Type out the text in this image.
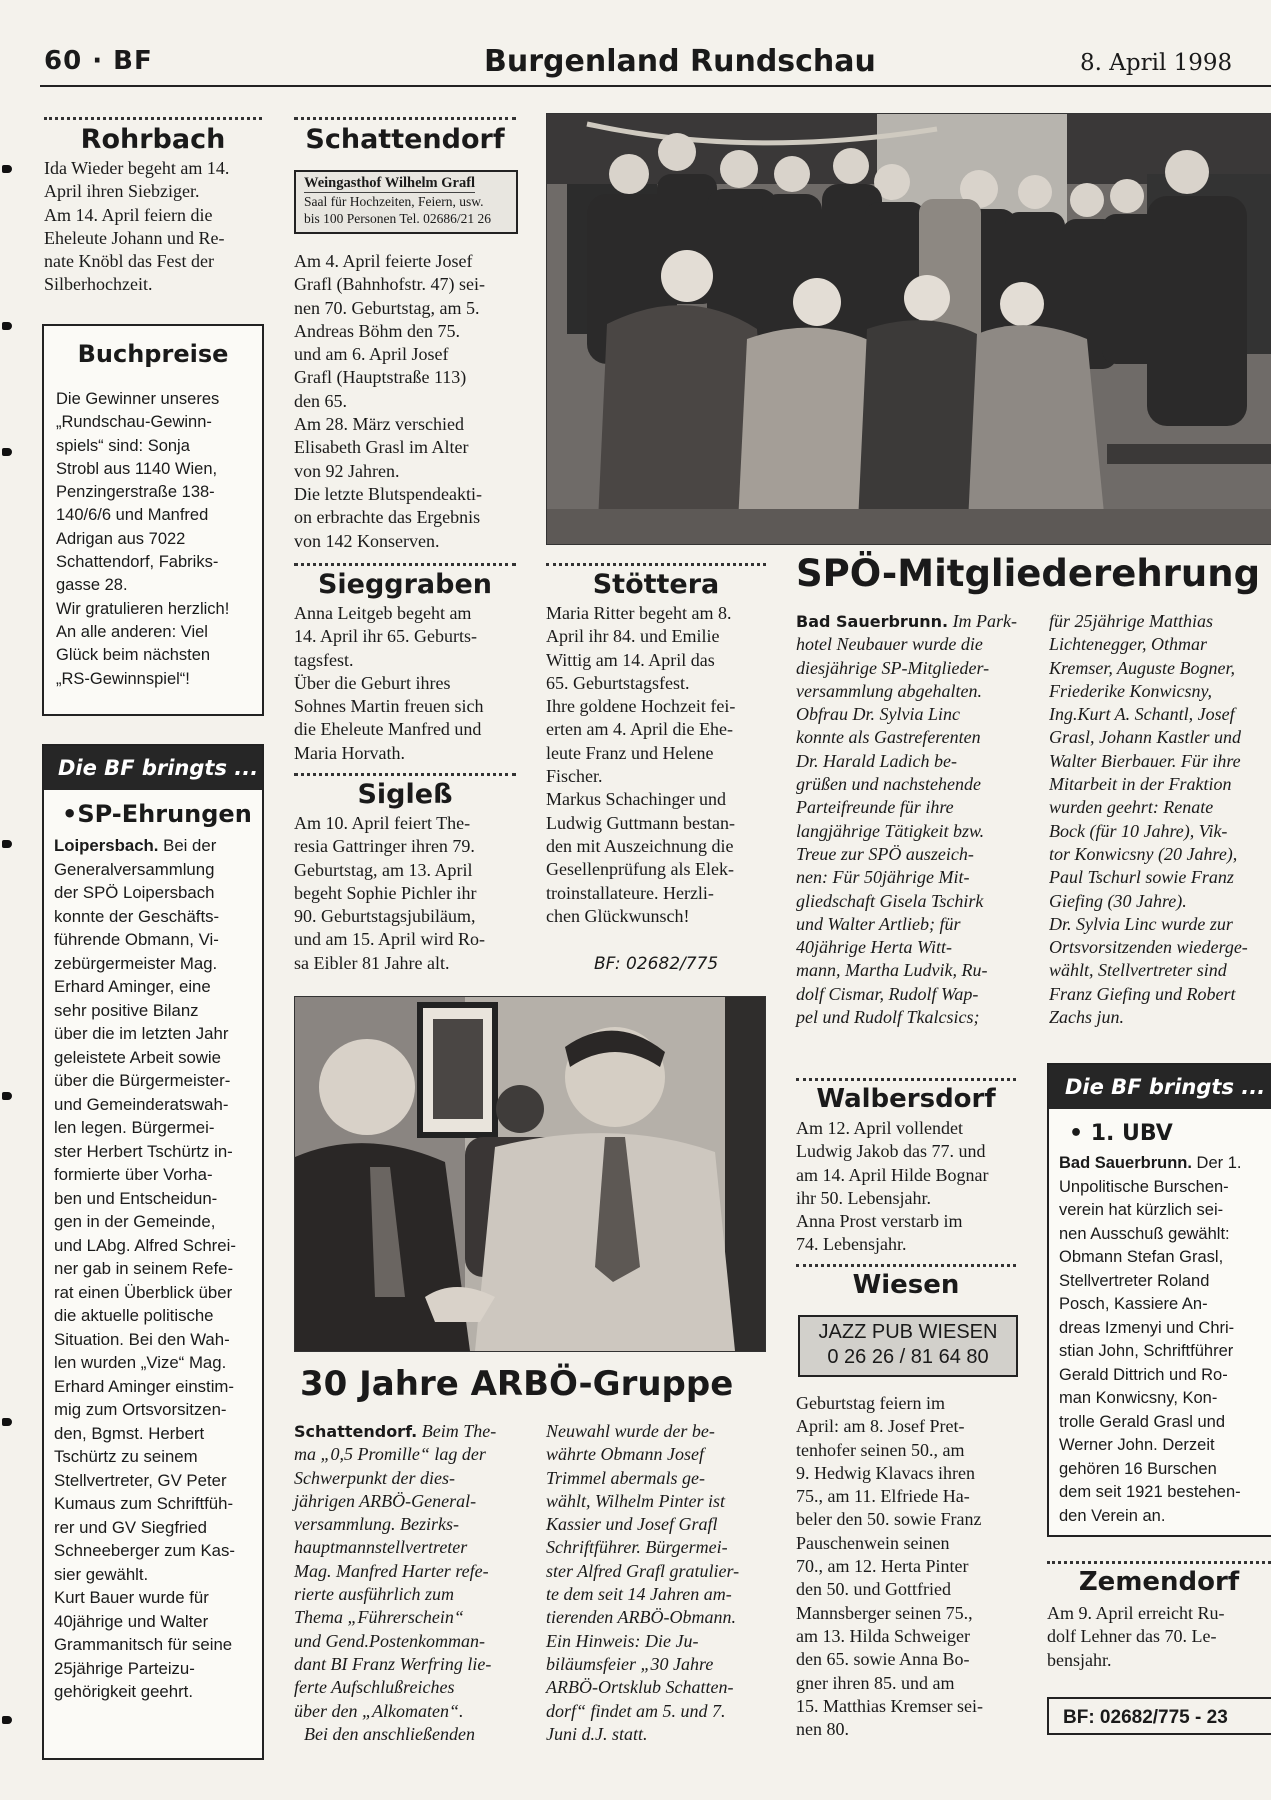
60 · BF	Burgenland Rundschau	8. April 1998
Rohrbach
Ida Wieder begeht am 14.
April ihren Siebziger.
Am 14. April feiern die
Eheleute Johann und Re-
nate Knöbl das Fest der
Silberhochzeit.
Buchpreise
Die Gewinner unseres
„Rundschau-Gewinn-
spiels“ sind: Sonja
Strobl aus 1140 Wien,
Penzingerstraße 138-
140/6/6 und Manfred
Adrigan aus 7022
Schattendorf, Fabriks-
gasse 28.
Wir gratulieren herzlich!
An alle anderen: Viel
Glück beim nächsten
„RS-Gewinnspiel“!
Die BF bringts ...
•SP-Ehrungen
Loipersbach. Bei der
Generalversammlung
der SPÖ Loipersbach
konnte der Geschäfts-
führende Obmann, Vi-
zebürgermeister Mag.
Erhard Aminger, eine
sehr positive Bilanz
über die im letzten Jahr
geleistete Arbeit sowie
über die Bürgermeister-
und Gemeinderatswah-
len legen. Bürgermei-
ster Herbert Tschürtz in-
formierte über Vorha-
ben und Entscheidun-
gen in der Gemeinde,
und LAbg. Alfred Schrei-
ner gab in seinem Refe-
rat einen Überblick über
die aktuelle politische
Situation. Bei den Wah-
len wurden „Vize“ Mag.
Erhard Aminger einstim-
mig zum Ortsvorsitzen-
den, Bgmst. Herbert
Tschürtz zu seinem
Stellvertreter, GV Peter
Kumaus zum Schriftfüh-
rer und GV Siegfried
Schneeberger zum Kas-
sier gewählt.
Kurt Bauer wurde für
40jährige und Walter
Grammanitsch für seine
25jährige Parteizu-
gehörigkeit geehrt.
Schattendorf
Weingasthof Wilhelm Grafl
Saal für Hochzeiten, Feiern, usw.
bis 100 Personen Tel. 02686/21 26
Am 4. April feierte Josef
Grafl (Bahnhofstr. 47) sei-
nen 70. Geburtstag, am 5.
Andreas Böhm den 75.
und am 6. April Josef
Grafl (Hauptstraße 113)
den 65.
Am 28. März verschied
Elisabeth Grasl im Alter
von 92 Jahren.
Die letzte Blutspendeakti-
on erbrachte das Ergebnis
von 142 Konserven.
Sieggraben
Anna Leitgeb begeht am
14. April ihr 65. Geburts-
tagsfest.
Über die Geburt ihres
Sohnes Martin freuen sich
die Eheleute Manfred und
Maria Horvath.
Sigleß
Am 10. April feiert The-
resia Gattringer ihren 79.
Geburtstag, am 13. April
begeht Sophie Pichler ihr
90. Geburtstagsjubiläum,
und am 15. April wird Ro-
sa Eibler 81 Jahre alt.
Stöttera
Maria Ritter begeht am 8.
April ihr 84. und Emilie
Wittig am 14. April das
65. Geburtstagsfest.
Ihre goldene Hochzeit fei-
erten am 4. April die Ehe-
leute Franz und Helene
Fischer.
Markus Schachinger und
Ludwig Guttmann bestan-
den mit Auszeichnung die
Gesellenprüfung als Elek-
troinstallateure. Herzli-
chen Glückwunsch!
BF: 02682/775
SPÖ-Mitgliederehrung
Bad Sauerbrunn. Im Park-
hotel Neubauer wurde die
diesjährige SP-Mitglieder-
versammlung abgehalten.
Obfrau Dr. Sylvia Linc
konnte als Gastreferenten
Dr. Harald Ladich be-
grüßen und nachstehende
Parteifreunde für ihre
langjährige Tätigkeit bzw.
Treue zur SPÖ auszeich-
nen: Für 50jährige Mit-
gliedschaft Gisela Tschirk
und Walter Artlieb; für
40jährige Herta Witt-
mann, Martha Ludvik, Ru-
dolf Cismar, Rudolf Wap-
pel und Rudolf Tkalcsics;
für 25jährige Matthias
Lichtenegger, Othmar
Kremser, Auguste Bogner,
Friederike Konwicsny,
Ing.Kurt A. Schantl, Josef
Grasl, Johann Kastler und
Walter Bierbauer. Für ihre
Mitarbeit in der Fraktion
wurden geehrt: Renate
Bock (für 10 Jahre), Vik-
tor Konwicsny (20 Jahre),
Paul Tschurl sowie Franz
Giefing (30 Jahre).
Dr. Sylvia Linc wurde zur
Ortsvorsitzenden wiederge-
wählt, Stellvertreter sind
Franz Giefing und Robert
Zachs jun.
Walbersdorf
Am 12. April vollendet
Ludwig Jakob das 77. und
am 14. April Hilde Bognar
ihr 50. Lebensjahr.
Anna Prost verstarb im
74. Lebensjahr.
Wiesen
JAZZ PUB WIESEN
0 26 26 / 81 64 80
Geburtstag feiern im
April: am 8. Josef Pret-
tenhofer seinen 50., am
9. Hedwig Klavacs ihren
75., am 11. Elfriede Ha-
beler den 50. sowie Franz
Pauschenwein seinen
70., am 12. Herta Pinter
den 50. und Gottfried
Mannsberger seinen 75.,
am 13. Hilda Schweiger
den 65. sowie Anna Bo-
gner ihren 85. und am
15. Matthias Kremser sei-
nen 80.
Die BF bringts ...
• 1. UBV
Bad Sauerbrunn. Der 1.
Unpolitische Burschen-
verein hat kürzlich sei-
nen Ausschuß gewählt:
Obmann Stefan Grasl,
Stellvertreter Roland
Posch, Kassiere An-
dreas Izmenyi und Chri-
stian John, Schriftführer
Gerald Dittrich und Ro-
man Konwicsny, Kon-
trolle Gerald Grasl und
Werner John. Derzeit
gehören 16 Burschen
dem seit 1921 bestehen-
den Verein an.
Zemendorf
Am 9. April erreicht Ru-
dolf Lehner das 70. Le-
bensjahr.
BF: 02682/775 - 23
30 Jahre ARBÖ-Gruppe
Schattendorf. Beim The-
ma „0,5 Promille“ lag der
Schwerpunkt der dies-
jährigen ARBÖ-General-
versammlung. Bezirks-
hauptmannstellvertreter
Mag. Manfred Harter refe-
rierte ausführlich zum
Thema „Führerschein“
und Gend.Postenkomman-
dant BI Franz Werfring lie-
ferte Aufschlußreiches
über den „Alkomaten“.
Bei den anschließenden
Neuwahl wurde der be-
währte Obmann Josef
Trimmel abermals ge-
wählt, Wilhelm Pinter ist
Kassier und Josef Grafl
Schriftführer. Bürgermei-
ster Alfred Grafl gratulier-
te dem seit 14 Jahren am-
tierenden ARBÖ-Obmann.
Ein Hinweis: Die Ju-
biläumsfeier „30 Jahre
ARBÖ-Ortsklub Schatten-
dorf“ findet am 5. und 7.
Juni d.J. statt.
